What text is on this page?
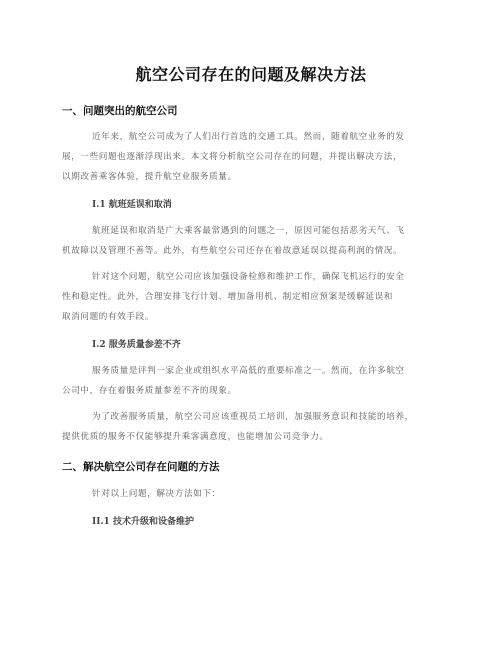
航空公司存在的问题及解决方法
一、问题突出的航空公司

近年来，航空公司成为了人们出行首选的交通工具。然而，随着航空业务的发

展，一些问题也逐渐浮现出来。本文将分析航空公司存在的问题，并提出解决方法，

以期改善乘客体验，提升航空业服务质量。

I.1 航班延误和取消

航班延误和取消是广大乘客最常遇到的问题之一，原因可能包括恶劣天气、飞

机故障以及管理不善等。此外，有些航空公司还存在着故意延误以提高利润的情况。

针对这个问题，航空公司应该加强设备检修和维护工作，确保飞机运行的安全

性和稳定性。此外，合理安排飞行计划、增加备用机、制定相应预案是缓解延误和

取消问题的有效手段。

I.2 服务质量参差不齐

服务质量是评判一家企业或组织水平高低的重要标准之一。然而，在许多航空

公司中，存在着服务质量参差不齐的现象。

为了改善服务质量，航空公司应该重视员工培训，加强服务意识和技能的培养，

提供优质的服务不仅能够提升乘客满意度，也能增加公司竞争力。

二、解决航空公司存在问题的方法

针对以上问题，解决方法如下：

II.1 技术升级和设备维护
